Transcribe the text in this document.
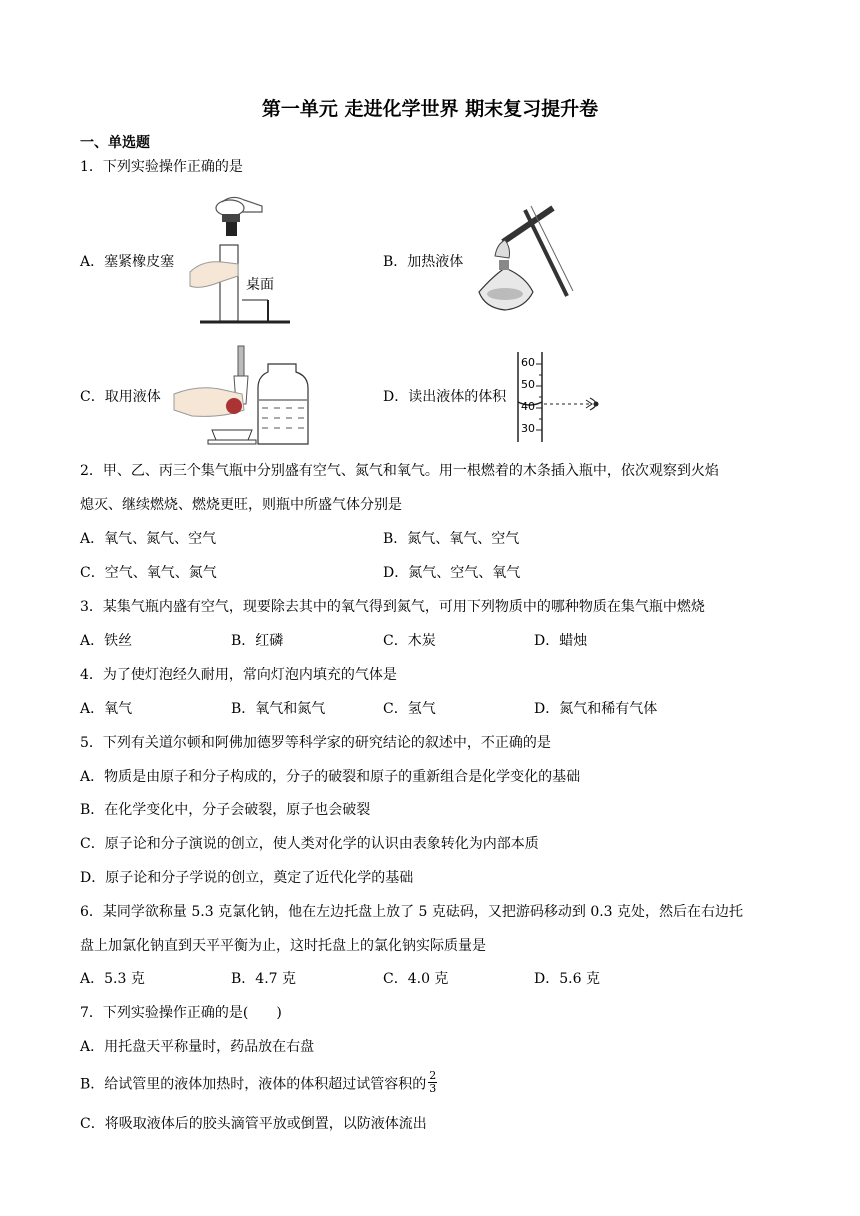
第一单元 走进化学世界 期末复习提升卷
一、单选题
1．下列实验操作正确的是
桌面
A．塞紧橡皮塞	B．加热液体
C．取用液体
60
50
40
30
D．读出液体的体积
2．甲、乙、丙三个集气瓶中分别盛有空气、氮气和氧气。用一根燃着的木条插入瓶中，依次观察到火焰
熄灭、继续燃烧、燃烧更旺，则瓶中所盛气体分别是
A．氧气、氮气、空气	B．氮气、氧气、空气
C．空气、氧气、氮气	D．氮气、空气、氧气
3．某集气瓶内盛有空气，现要除去其中的氧气得到氮气，可用下列物质中的哪种物质在集气瓶中燃烧
A．铁丝	B．红磷	C．木炭	D．蜡烛
4．为了使灯泡经久耐用，常向灯泡内填充的气体是
A．氧气	B．氧气和氮气	C．氢气	D．氮气和稀有气体
5．下列有关道尔顿和阿佛加德罗等科学家的研究结论的叙述中，不正确的是
A．物质是由原子和分子构成的，分子的破裂和原子的重新组合是化学变化的基础
B．在化学变化中，分子会破裂，原子也会破裂
C．原子论和分子演说的创立，使人类对化学的认识由表象转化为内部本质
D．原子论和分子学说的创立，奠定了近代化学的基础
6．某同学欲称量 5.3 克氯化钠，他在左边托盘上放了 5 克砝码，又把游码移动到 0.3 克处，然后在右边托
盘上加氯化钠直到天平平衡为止，这时托盘上的氯化钠实际质量是
A．5.3 克	B．4.7 克	C．4.0 克	D．5.6 克
7．下列实验操作正确的是(　　)
A．用托盘天平称量时，药品放在右盘
B．给试管里的液体加热时，液体的体积超过试管容积的 $\frac{2}{3}$
C．将吸取液体后的胶头滴管平放或倒置，以防液体流出
